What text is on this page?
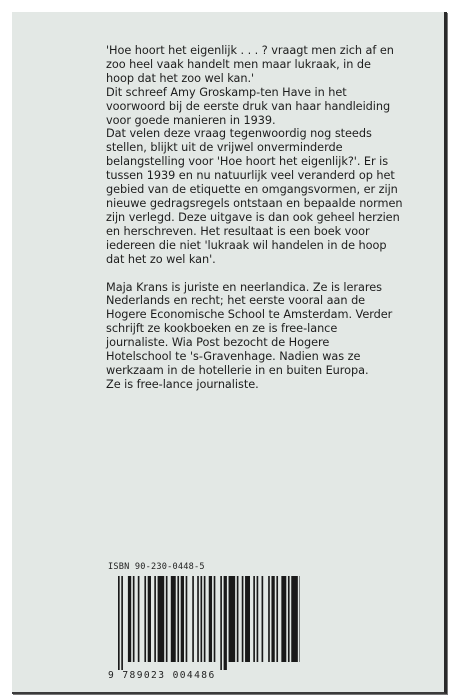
'Hoe hoort het eigenlijk . . . ? vraagt men zich af en
zoo heel vaak handelt men maar lukraak, in de
hoop dat het zoo wel kan.'
Dit schreef Amy Groskamp-ten Have in het
voorwoord bij de eerste druk van haar handleiding
voor goede manieren in 1939.
Dat velen deze vraag tegenwoordig nog steeds
stellen, blijkt uit de vrijwel onverminderde
belangstelling voor 'Hoe hoort het eigenlijk?'. Er is
tussen 1939 en nu natuurlijk veel veranderd op het
gebied van de etiquette en omgangsvormen, er zijn
nieuwe gedragsregels ontstaan en bepaalde normen
zijn verlegd. Deze uitgave is dan ook geheel herzien
en herschreven. Het resultaat is een boek voor
iedereen die niet 'lukraak wil handelen in de hoop
dat het zo wel kan'.
Maja Krans is juriste en neerlandica. Ze is lerares
Nederlands en recht; het eerste vooral aan de
Hogere Economische School te Amsterdam. Verder
schrijft ze kookboeken en ze is free-lance
journaliste. Wia Post bezocht de Hogere
Hotelschool te 's-Gravenhage. Nadien was ze
werkzaam in de hotellerie in en buiten Europa.
Ze is free-lance journaliste.
ISBN 90-230-0448-5
9 789023 004486
